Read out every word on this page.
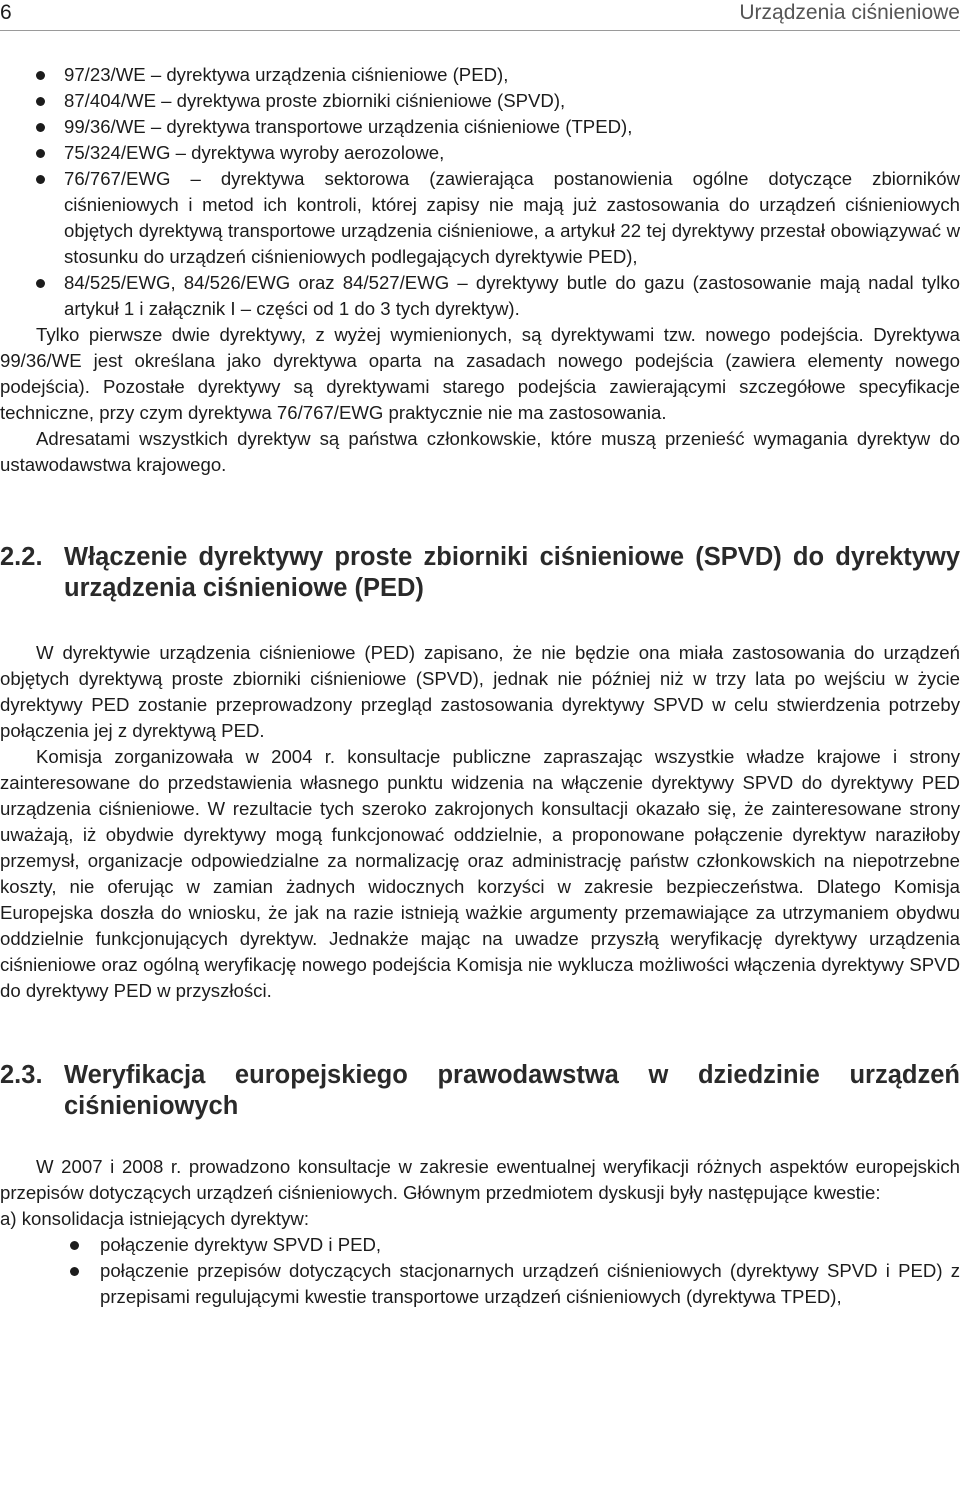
6	Urządzenia ciśnieniowe
97/23/WE – dyrektywa urządzenia ciśnieniowe (PED),
87/404/WE – dyrektywa proste zbiorniki ciśnieniowe (SPVD),
99/36/WE – dyrektywa transportowe urządzenia ciśnieniowe (TPED),
75/324/EWG – dyrektywa wyroby aerozolowe,
76/767/EWG – dyrektywa sektorowa (zawierająca postanowienia ogólne dotyczące zbiorników ciśnieniowych i metod ich kontroli, której zapisy nie mają już zastosowania do urządzeń ciśnieniowych objętych dyrektywą transportowe urządzenia ciśnieniowe, a artykuł 22 tej dyrektywy przestał obowiązywać w stosunku do urządzeń ciśnieniowych podlegających dyrektywie PED),
84/525/EWG, 84/526/EWG oraz 84/527/EWG – dyrektywy butle do gazu (zastosowanie mają nadal tylko artykuł 1 i załącznik I – części od 1 do 3 tych dyrektyw).

Tylko pierwsze dwie dyrektywy, z wyżej wymienionych, są dyrektywami tzw. nowego podejścia. Dyrektywa 99/36/WE jest określana jako dyrektywa oparta na zasadach nowego podejścia (zawiera elementy nowego podejścia). Pozostałe dyrektywy są dyrektywami starego podejścia zawierającymi szczegółowe specyfikacje techniczne, przy czym dyrektywa 76/767/EWG praktycznie nie ma zastosowania.

Adresatami wszystkich dyrektyw są państwa członkowskie, które muszą przenieść wymagania dyrektyw do ustawodawstwa krajowego.

2.2. Włączenie dyrektywy proste zbiorniki ciśnieniowe (SPVD) do dyrektywy urządzenia ciśnieniowe (PED)

W dyrektywie urządzenia ciśnieniowe (PED) zapisano, że nie będzie ona miała zastosowania do urządzeń objętych dyrektywą proste zbiorniki ciśnieniowe (SPVD), jednak nie później niż w trzy lata po wejściu w życie dyrektywy PED zostanie przeprowadzony przegląd zastosowania dyrektywy SPVD w celu stwierdzenia potrzeby połączenia jej z dyrektywą PED.

Komisja zorganizowała w 2004 r. konsultacje publiczne zapraszając wszystkie władze krajowe i strony zainteresowane do przedstawienia własnego punktu widzenia na włączenie dyrektywy SPVD do dyrektywy PED urządzenia ciśnieniowe. W rezultacie tych szeroko zakrojonych konsultacji okazało się, że zainteresowane strony uważają, iż obydwie dyrektywy mogą funkcjonować oddzielnie, a proponowane połączenie dyrektyw naraziłoby przemysł, organizacje odpowiedzialne za normalizację oraz administrację państw członkowskich na niepotrzebne koszty, nie oferując w zamian żadnych widocznych korzyści w zakresie bezpieczeństwa. Dlatego Komisja Europejska doszła do wniosku, że jak na razie istnieją ważkie argumenty przemawiające za utrzymaniem obydwu oddzielnie funkcjonujących dyrektyw. Jednakże mając na uwadze przyszłą weryfikację dyrektywy urządzenia ciśnieniowe oraz ogólną weryfikację nowego podejścia Komisja nie wyklucza możliwości włączenia dyrektywy SPVD do dyrektywy PED w przyszłości.

2.3. Weryfikacja europejskiego prawodawstwa w dziedzinie urządzeń ciśnieniowych

W 2007 i 2008 r. prowadzono konsultacje w zakresie ewentualnej weryfikacji różnych aspektów europejskich przepisów dotyczących urządzeń ciśnieniowych. Głównym przedmiotem dyskusji były następujące kwestie:

a) konsolidacja istniejących dyrektyw:

połączenie dyrektyw SPVD i PED,
połączenie przepisów dotyczących stacjonarnych urządzeń ciśnieniowych (dyrektywy SPVD i PED) z przepisami regulującymi kwestie transportowe urządzeń ciśnieniowych (dyrektywa TPED),
